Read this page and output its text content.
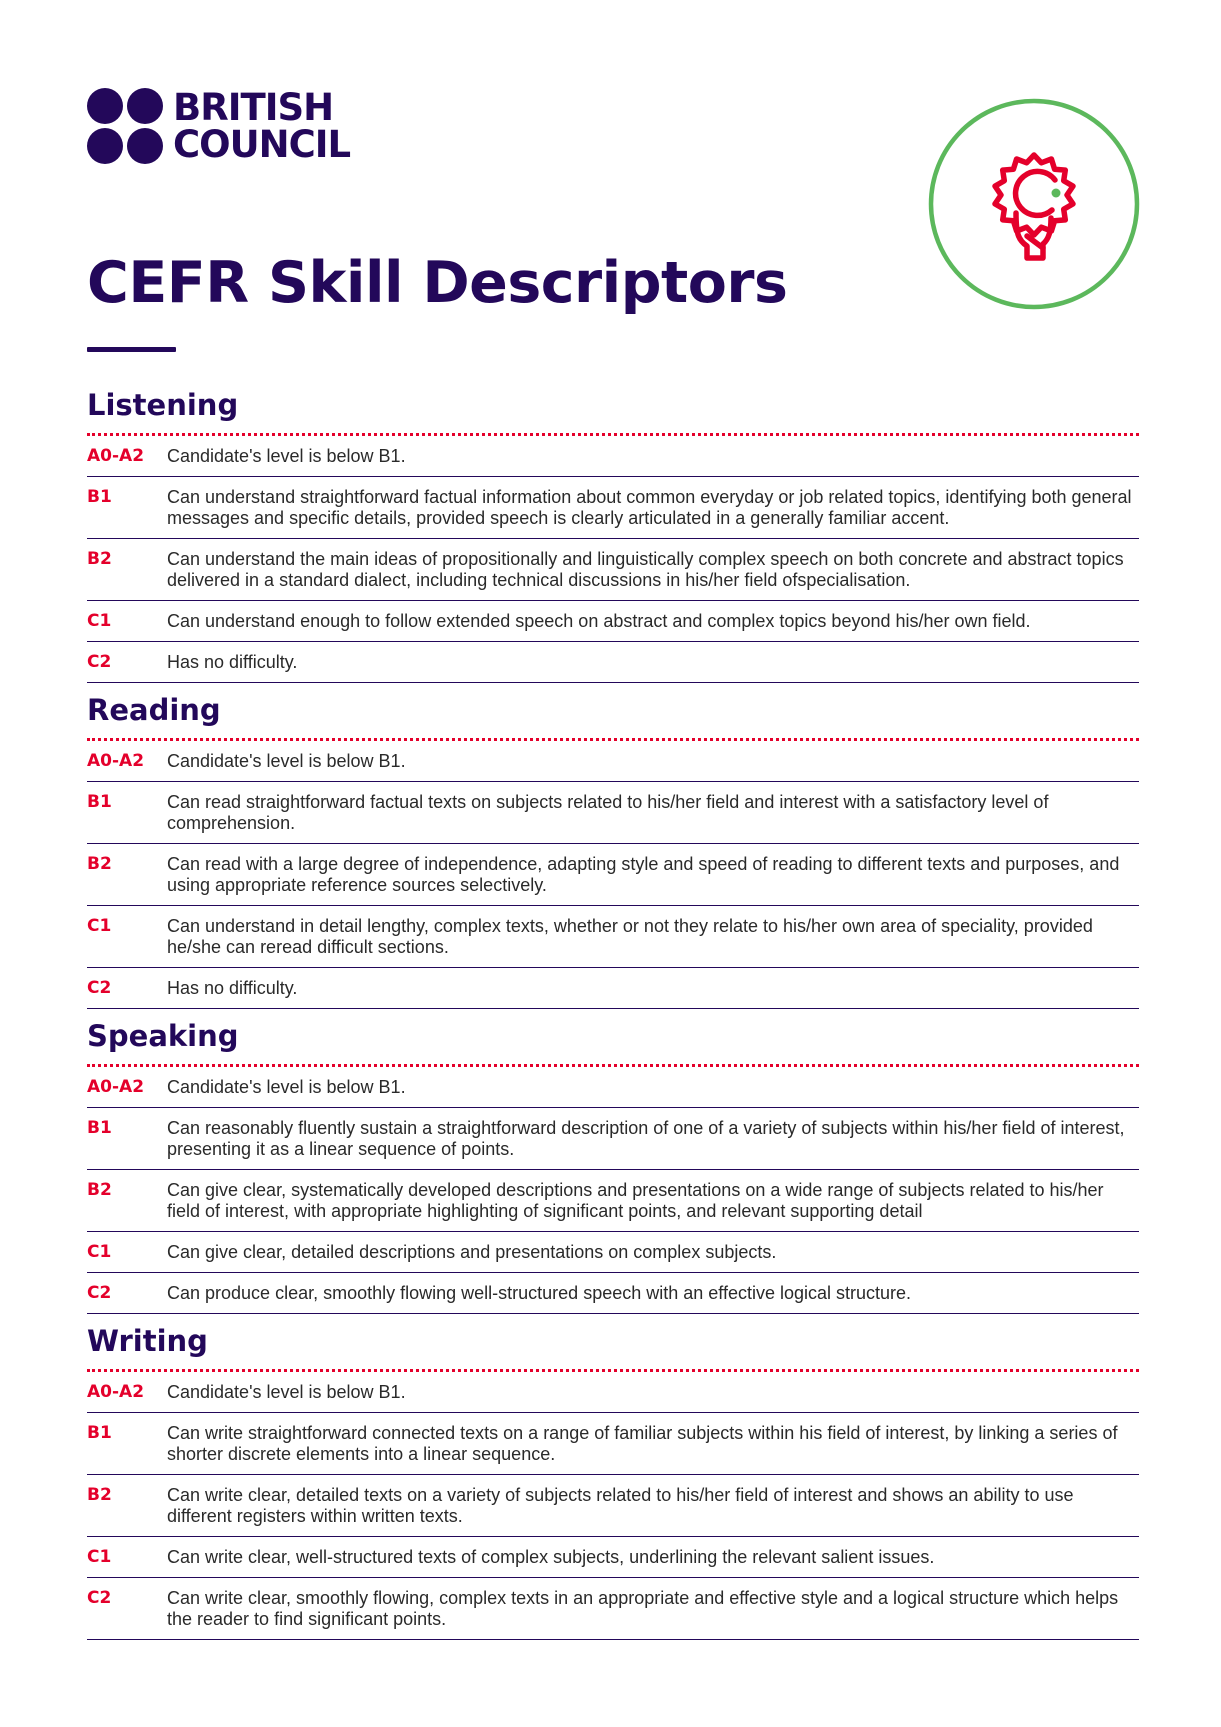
BRITISH
COUNCIL
CEFR Skill Descriptors
Listening
A0-A2	Candidate's level is below B1.
B1	Can understand straightforward factual information about common everyday or job related topics, identifying both general messages and specific details, provided speech is clearly articulated in a generally familiar accent.
B2	Can understand the main ideas of propositionally and linguistically complex speech on both concrete and abstract topics delivered in a standard dialect, including technical discussions in his/her field ofspecialisation.
C1	Can understand enough to follow extended speech on abstract and complex topics beyond his/her own field.
C2	Has no difficulty.
Reading
A0-A2	Candidate's level is below B1.
B1	Can read straightforward factual texts on subjects related to his/her field and interest with a satisfactory level of comprehension.
B2	Can read with a large degree of independence, adapting style and speed of reading to different texts and purposes, and using appropriate reference sources selectively.
C1	Can understand in detail lengthy, complex texts, whether or not they relate to his/her own area of speciality, provided he/she can reread difficult sections.
C2	Has no difficulty.
Speaking
A0-A2	Candidate's level is below B1.
B1	Can reasonably fluently sustain a straightforward description of one of a variety of subjects within his/her field of interest, presenting it as a linear sequence of points.
B2	Can give clear, systematically developed descriptions and presentations on a wide range of subjects related to his/her field of interest, with appropriate highlighting of significant points, and relevant supporting detail
C1	Can give clear, detailed descriptions and presentations on complex subjects.
C2	Can produce clear, smoothly flowing well-structured speech with an effective logical structure.
Writing
A0-A2	Candidate's level is below B1.
B1	Can write straightforward connected texts on a range of familiar subjects within his field of interest, by linking a series of shorter discrete elements into a linear sequence.
B2	Can write clear, detailed texts on a variety of subjects related to his/her field of interest and shows an ability to use different registers within written texts.
C1	Can write clear, well-structured texts of complex subjects, underlining the relevant salient issues.
C2	Can write clear, smoothly flowing, complex texts in an appropriate and effective style and a logical structure which helps the reader to find significant points.
